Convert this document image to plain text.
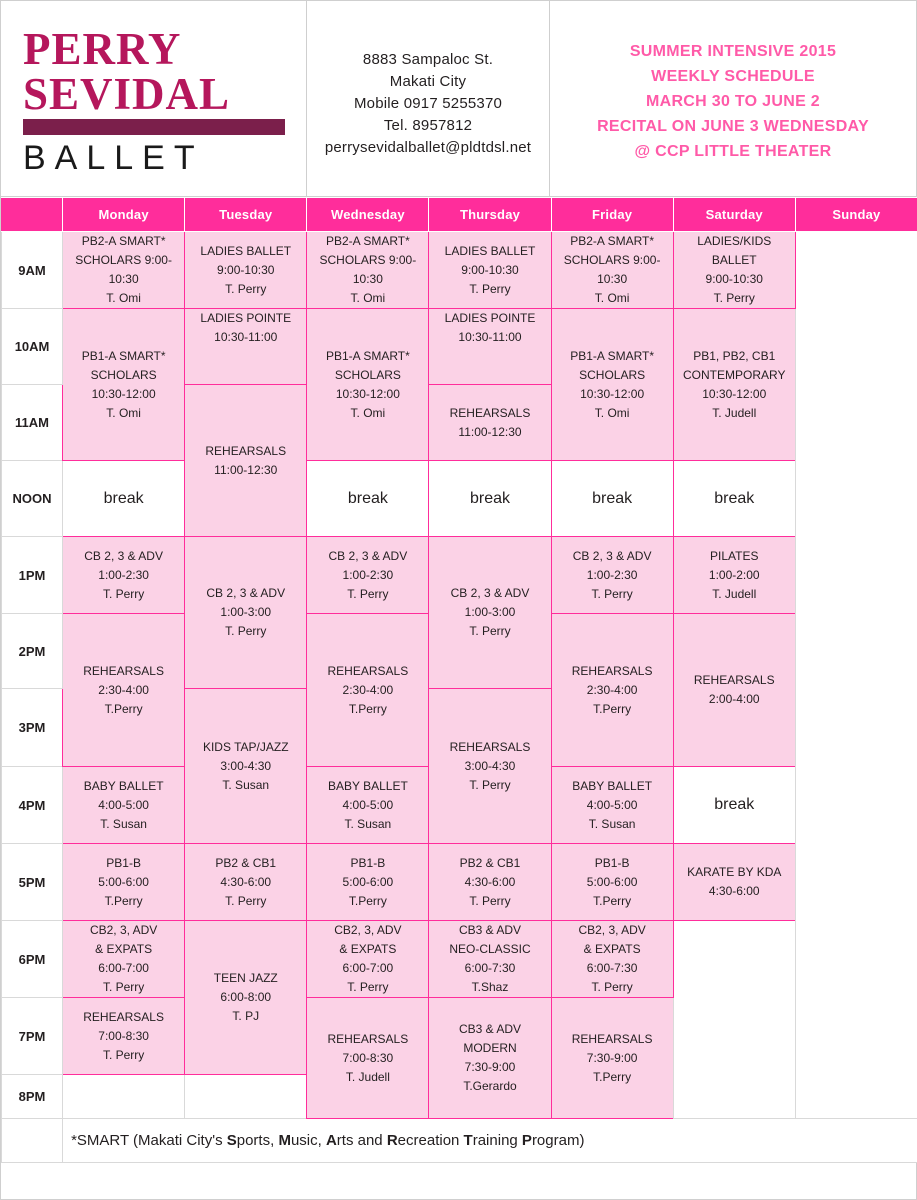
PERRY
SEVIDAL
BALLET
8883 Sampaloc St.
Makati City
Mobile 0917 5255370
Tel. 8957812
perrysevidalballet@pldtdsl.net
SUMMER INTENSIVE 2015
WEEKLY SCHEDULE
MARCH 30 TO JUNE 2
RECITAL ON JUNE 3 WEDNESDAY
@ CCP LITTLE THEATER
	Monday	Tuesday	Wednesday	Thursday	Friday	Saturday	Sunday
9AM	PB2-A SMART*
SCHOLARS 9:00-10:30
T. Omi	LADIES BALLET
9:00-10:30
T. Perry	PB2-A SMART*
SCHOLARS 9:00-10:30
T. Omi	LADIES BALLET
9:00-10:30
T. Perry	PB2-A SMART*
SCHOLARS 9:00-10:30
T. Omi	LADIES/KIDS
BALLET
9:00-10:30
T. Perry	

10AM	PB1-A SMART*
SCHOLARS
10:30-12:00
T. Omi	LADIES POINTE
10:30-11:00	PB1-A SMART*
SCHOLARS
10:30-12:00
T. Omi	LADIES POINTE
10:30-11:00	PB1-A SMART*
SCHOLARS
10:30-12:00
T. Omi	PB1, PB2, CB1
CONTEMPORARY
10:30-12:00
T. Judell	

11AM		REHEARSALS
11:00-12:30		REHEARSALS
11:00-12:30			

NOON	break		break	break	break	break	
1PM	CB 2, 3 & ADV
1:00-2:30
T. Perry	CB 2, 3 & ADV
1:00-3:00
T. Perry	CB 2, 3 & ADV
1:00-2:30
T. Perry	CB 2, 3 & ADV
1:00-3:00
T. Perry	CB 2, 3 & ADV
1:00-2:30
T. Perry	PILATES
1:00-2:00
T. Judell	

2PM	REHEARSALS
2:30-4:00
T.Perry		REHEARSALS
2:30-4:00
T.Perry		REHEARSALS
2:30-4:00
T.Perry	REHEARSALS
2:00-4:00	

3PM		KIDS TAP/JAZZ
3:00-4:30
T. Susan		REHEARSALS
3:00-4:30
T. Perry			

4PM	BABY BALLET
4:00-5:00
T. Susan		BABY BALLET
4:00-5:00
T. Susan		BABY BALLET
4:00-5:00
T. Susan	break	
5PM	PB1-B
5:00-6:00
T.Perry	PB2 & CB1
4:30-6:00
T. Perry	PB1-B
5:00-6:00
T.Perry	PB2 & CB1
4:30-6:00
T. Perry	PB1-B
5:00-6:00
T.Perry	KARATE BY KDA
4:30-6:00	

6PM	CB2, 3, ADV
& EXPATS
6:00-7:00
T. Perry	TEEN JAZZ
6:00-8:00
T. PJ	CB2, 3, ADV
& EXPATS
6:00-7:00
T. Perry	CB3 & ADV
NEO-CLASSIC
6:00-7:30
T.Shaz	CB2, 3, ADV
& EXPATS
6:00-7:30
T. Perry		

7PM	REHEARSALS
7:00-8:30
T. Perry		REHEARSALS
7:00-8:30
T. Judell	CB3 & ADV
MODERN
7:30-9:00
T.Gerardo	REHEARSALS
7:30-9:00
T.Perry		

8PM							

	*SMART (Makati City's Sports, Music, Arts and Recreation Training Program)						
